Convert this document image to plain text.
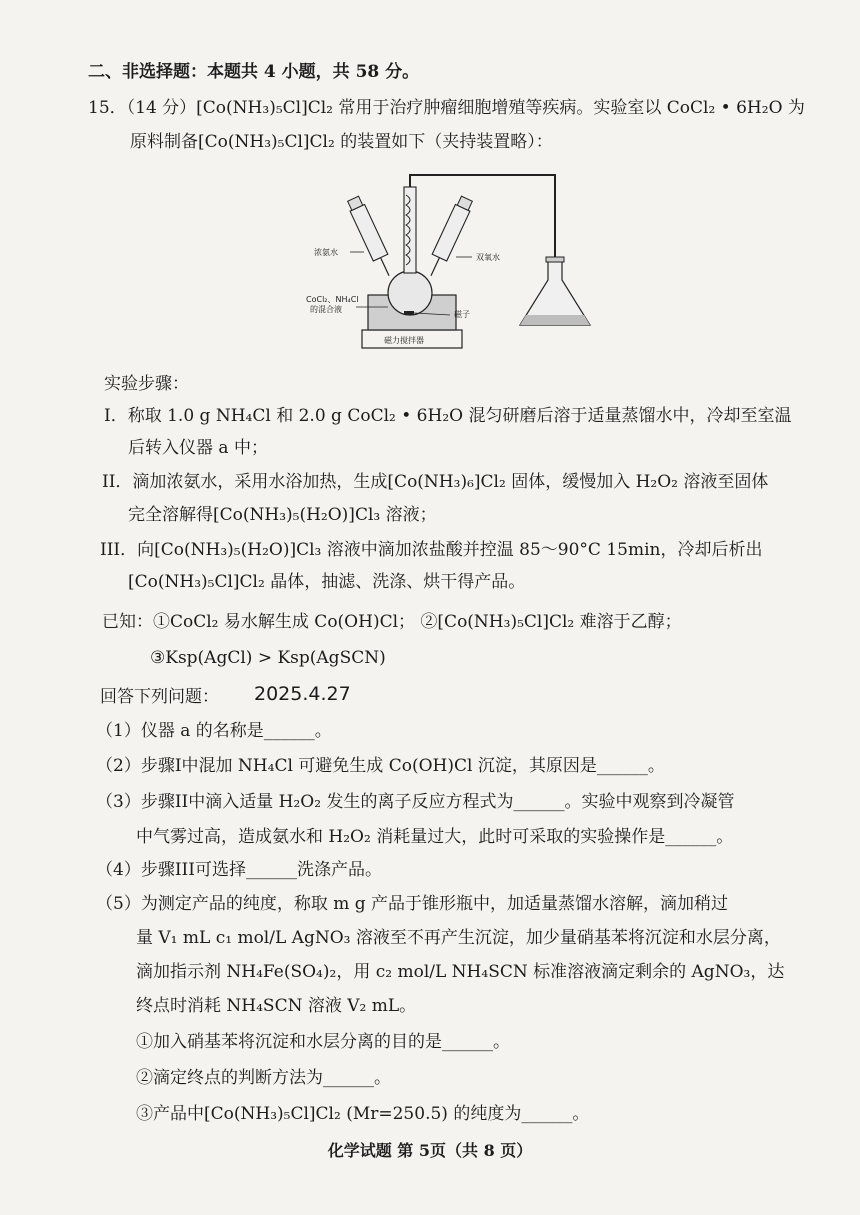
二、非选择题：本题共 4 小题，共 58 分。
15．（14 分）[Co(NH₃)₅Cl]Cl₂ 常用于治疗肿瘤细胞增殖等疾病。实验室以 CoCl₂ • 6H₂O 为
原料制备[Co(NH₃)₅Cl]Cl₂ 的装置如下（夹持装置略）：
磁力搅拌器
浓氨水
双氧水
CoCl₂、NH₄Cl
的混合液
磁子
实验步骤：
I．称取 1.0 g NH₄Cl 和 2.0 g CoCl₂ • 6H₂O 混匀研磨后溶于适量蒸馏水中，冷却至室温
后转入仪器 a 中；
II．滴加浓氨水，采用水浴加热，生成[Co(NH₃)₆]Cl₂ 固体，缓慢加入 H₂O₂ 溶液至固体
完全溶解得[Co(NH₃)₅(H₂O)]Cl₃ 溶液；
III．向[Co(NH₃)₅(H₂O)]Cl₃ 溶液中滴加浓盐酸并控温 85～90°C 15min，冷却后析出
[Co(NH₃)₅Cl]Cl₂ 晶体，抽滤、洗涤、烘干得产品。
已知：①CoCl₂ 易水解生成 Co(OH)Cl； ②[Co(NH₃)₅Cl]Cl₂ 难溶于乙醇；
③Ksp(AgCl) > Ksp(AgSCN)
回答下列问题： 2025.4.27
（1）仪器 a 的名称是______。
（2）步骤I中混加 NH₄Cl 可避免生成 Co(OH)Cl 沉淀，其原因是______。
（3）步骤II中滴入适量 H₂O₂ 发生的离子反应方程式为______。实验中观察到冷凝管
中气雾过高，造成氨水和 H₂O₂ 消耗量过大，此时可采取的实验操作是______。
（4）步骤III可选择______洗涤产品。
（5）为测定产品的纯度，称取 m g 产品于锥形瓶中，加适量蒸馏水溶解，滴加稍过
量 V₁ mL c₁ mol/L AgNO₃ 溶液至不再产生沉淀，加少量硝基苯将沉淀和水层分离，
滴加指示剂 NH₄Fe(SO₄)₂，用 c₂ mol/L NH₄SCN 标准溶液滴定剩余的 AgNO₃，达
终点时消耗 NH₄SCN 溶液 V₂ mL。
①加入硝基苯将沉淀和水层分离的目的是______。
②滴定终点的判断方法为______。
③产品中[Co(NH₃)₅Cl]Cl₂ (Mr=250.5) 的纯度为______。
化学试题 第 5页（共 8 页）
